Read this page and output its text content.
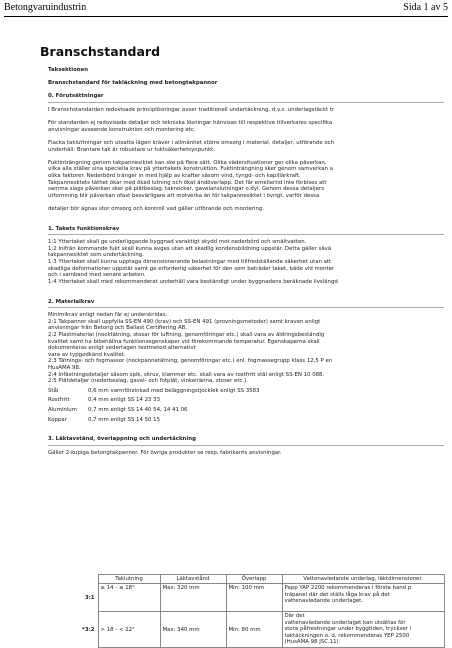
Betongvaruindustrin	Sida 1 av 5
Branschstandard

Taksektionen

Branschstandard för takläckning med betongtakpannor

0. Förutsättningar

I Branschstandarden redovisade principlösningar avser traditionell undertäckning, d.v.s. underlagstäckt tr

För standarden ej redovisade detaljer och tekniska lösningar hänvisas till respektive tillverkares specifika

anvisningar avseende konstruktion och montering etc.

Flacka takluttningar och utsatta lägen kräver i allmänhet större omsorg i material, detaljer, utförande och

underhåll. Brantare tak är robustare ur fuktsäkerhetsynpunkt.

Fuktinträngning genom takpannesiktet kan ske på flera sätt. Olika vädersituationer ger olika påverkan,

vilka alla ställer sina speciella krav på yttertakets konstruktion. Fuktinträngning sker genom samverkan a

olika faktorer. Nederbörd tränger in med hjälp av krafter såsom vind, tyngd- och kapillärkraft.

Takpannesktets täthet ökar med ökad lutning och ökat ändöverlapp. Det får emellertid inte förbises att

samma slags påverkan sker på plåtbeslag, taknockar, gavelanslutningar o.dyl. Genom dessa detaljers

utformning blir påverkan ofast besvärligare att motverka än för takpannesiktet i övrigt, varför dessa

detaljer bör ägnas stor omsorg och kontroll vad gäller utförande och montering.

1. Takets funktionskrav

1:1 Yttertaket skall ge underliggande byggnad varaktigt skydd mot nederbörd och smältvatten.

1:2 Inifrån kommande fukt skall kunna avges utan att skadlig kondensbildning uppstår. Detta gäller såvä

takpannesiktet som undertäckning.

1:3 Yttertaket skall kunna upptaga dimensionerande belastningar med tillfredställande säkerhet utan att

skadliga deformationer uppstår samt ge erforderlig säkerhet för den som beträder taket, både vid monter

och i samband med senare arbeten.

1:4 Yttertaket skall med rekommenderat underhåll vara beständigt under byggnadens beräknade livslängd

2. Materialkrav

Minimikrav enligt nedan får ej underskridas.

2:1 Takpannor skall uppfylla SS-EN 490 (krav) och SS-EN 491 (provningsmetoder) samt kraven enligt

anvisningar från Betong och Ballast Certifiering AB.

2:2 Plastmaterial (nocktätning, stosar för luftning, genomföringar etc.) skall vara av åldringsbeständig

kvalitet samt ha bibehållna funktionsegenskaper vid förekommande temperatur. Egenskaperna skall

dokumenteras enligt vedertagen testmetod alternativt

vara av typgodkänd kvalitet.

2:3 Tätnings- och fogmassor (nockpannetätning, genomföringar etc.) enl. fogmassegrupp klass 12,5 P en

HusAMA 98.

2:4 Infästningsdetaljer såsom spik, skruv, klammer etc. skall vara av rostfritt stål enligt SS-EN 10 088.

2:5 Plåtdetaljer (nederbeslag, gavel- och fotplåt, vinkelränna, stoser etc.).

Stål	0,6 mm varmförzinkad med beläggningstjocklek enligt SS 3583
Rostfritt	0,4 mm enligt SS 14 23 33
Aluminium	0,7 mm enligt SS 14 40 54, 14 41 06
Koppar	0,7 mm enligt SS 14 50 15

3. Läktavstånd, överlappning och undertäckning

Gäller 2-kupiga betongtakpannor. För övriga produkter se resp. fabrikants anvisningar.

	Taklutning	Läktavstånd	Överlapp	Vattenavledande underlag, läktdimensioner.
3:1	≥ 14 - ≤ 18°	Max: 320 mm	Min: 100 mm	Papp YAP 2200 rekommenderas i första hand p
träpanel där det ställs låga krav på det
vattenavledande underlaget.

*3:2	> 18 - < 22°	Max: 340 mm	Min: 80 mm	Där det
vattenavledande underlaget kan utsättas för
stora påfrestningar under byggtiden, tryckser i
taktäckningen o. d, rekommenderas YEP 2500
(HusAMA 98 JSC.11).
